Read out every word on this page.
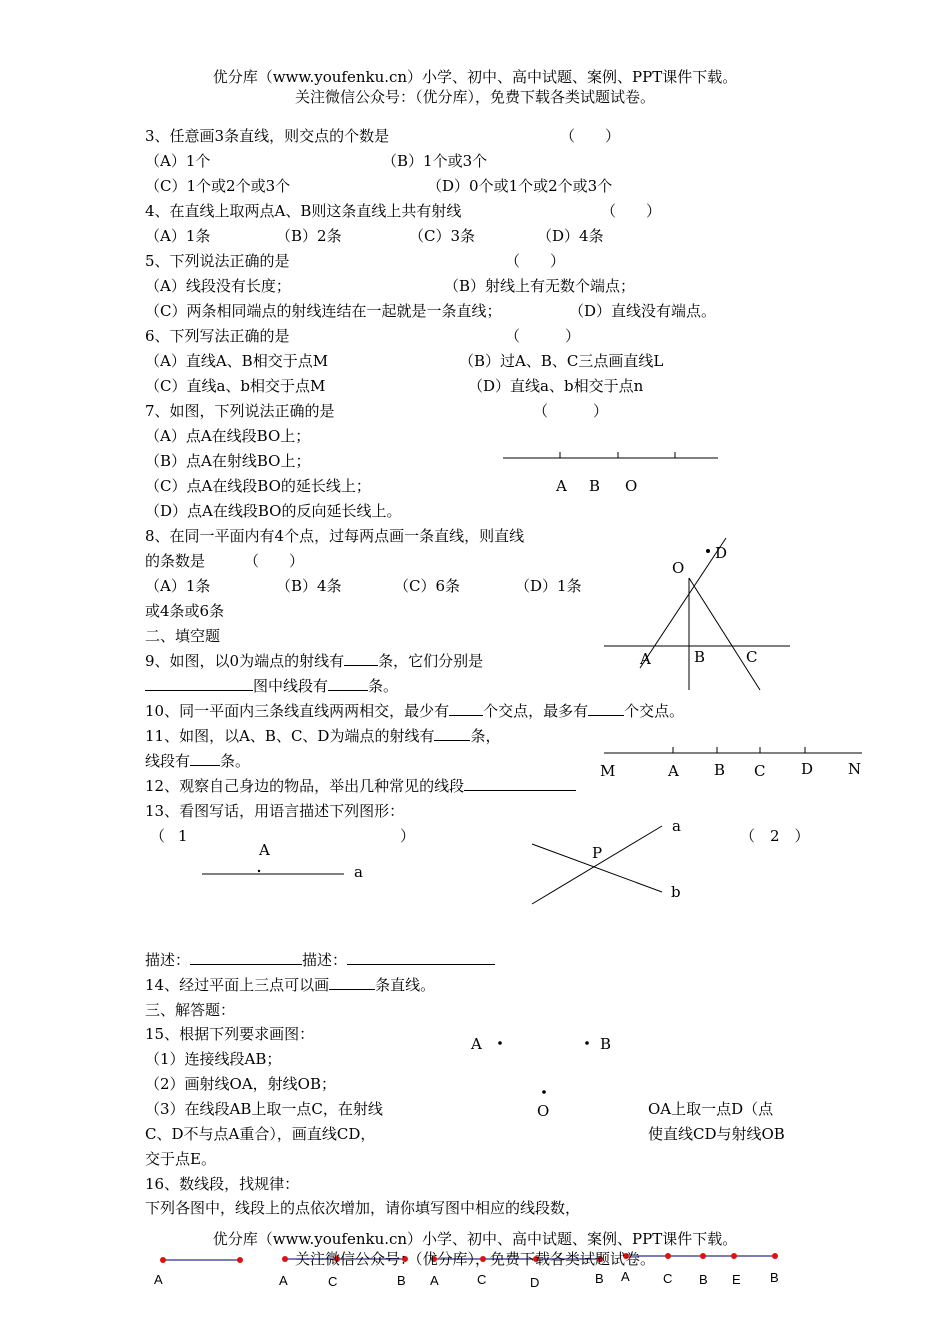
优分库（www.youfenku.cn）小学、初中、高中试题、案例、PPT课件下载。
关注微信公众号：（优分库），免费下载各类试题试卷。
3、任意画3条直线，则交点的个数是	（　　）
（A）1个	（B）1个或3个
（C）1个或2个或3个	（D）0个或1个或2个或3个
4、在直线上取两点A、B则这条直线上共有射线	（　　）
（A）1条	（B）2条	（C）3条	（D）4条
5、下列说法正确的是	（　　）
（A）线段没有长度；	（B）射线上有无数个端点；
（C）两条相同端点的射线连结在一起就是一条直线；	（D）直线没有端点。
6、下列写法正确的是	（　　　）
（A）直线A、B相交于点M	（B）过A、B、C三点画直线L
（C）直线a、b相交于点M	（D）直线a、b相交于点n
7、如图，下列说法正确的是	（　　　）
（A）点A在线段BO上；
（B）点A在射线BO上；
（C）点A在线段BO的延长线上；
（D）点A在线段BO的反向延长线上。
A B O
8、在同一平面内有4个点，过每两点画一条直线，则直线
的条数是	（　　）
（A）1条	（B）4条	（C）6条	（D）1条
或4条或6条
O
D
A	B	C
二、填空题
9、如图，以0为端点的射线有 条，它们分别是
图中线段有	条。
10、同一平面内三条线直线两两相交，最少有 个交点，最多有 个交点。
11、如图，以A、B、C、D为端点的射线有 条，
线段有 条。
M	A B C D N
12、观察自己身边的物品，举出几种常见的线段
13、看图写话，用语言描述下列图形：
（ 1	）	（　2　）
A
a
a
P
b
描述：	描述：
14、经过平面上三点可以画	条直线。
三、解答题：
15、根据下列要求画图：
（1）连接线段AB；
（2）画射线OA，射线OB；
（3）在线段AB上取一点C，在射线	OA上取一点D（点
C、D不与点A重合），画直线CD，	使直线CD与射线OB
交于点E。
A	B
O
16、数线段，找规律：
下列各图中，线段上的点依次增加，请你填写图中相应的线段数，
优分库（www.youfenku.cn）小学、初中、高中试题、案例、PPT课件下载。
关注微信公众号：（优分库），免费下载各类试题试卷。
A	A	C	B A	C	D	B A	C B E B
